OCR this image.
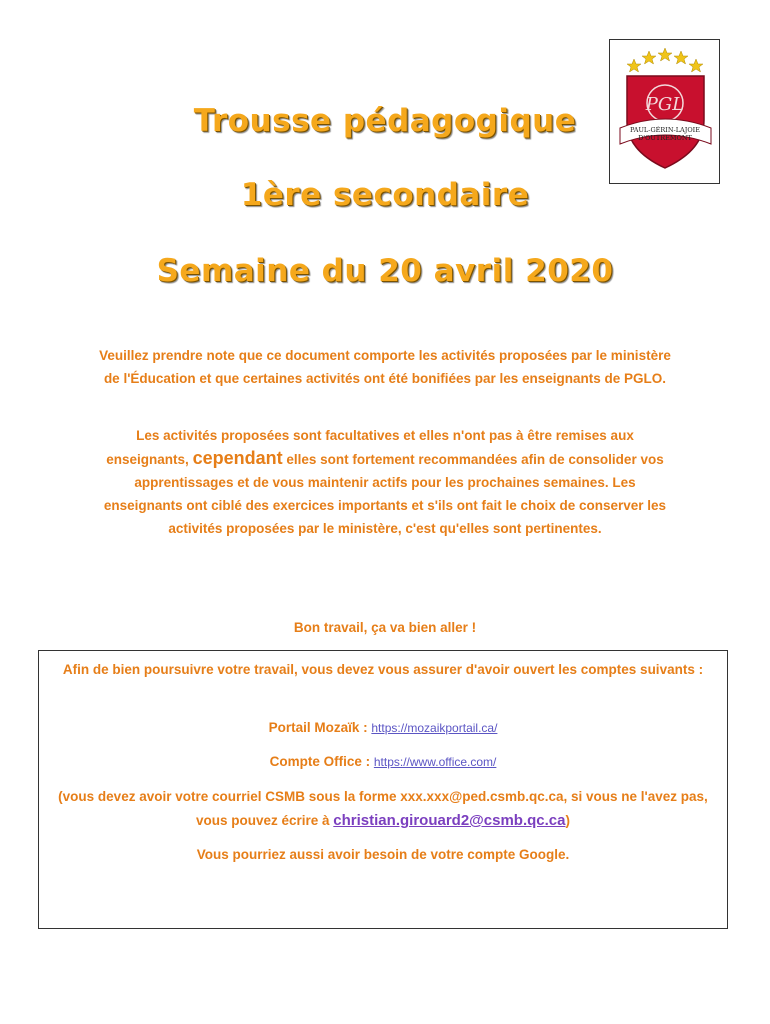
PGL
PAUL-GÉRIN-LAJOIE
D'OUTREMONT
Trousse pédagogique
1ère secondaire
Semaine du 20 avril 2020
Veuillez prendre note que ce document comporte les activités proposées par le ministère de l'Éducation et que certaines activités ont été bonifiées par les enseignants de PGLO.
Les activités proposées sont facultatives et elles n'ont pas à être remises aux enseignants, cependant elles sont fortement recommandées afin de consolider vos apprentissages et de vous maintenir actifs pour les prochaines semaines. Les enseignants ont ciblé des exercices importants et s'ils ont fait le choix de conserver les activités proposées par le ministère, c'est qu'elles sont pertinentes.
Bon travail, ça va bien aller !
Afin de bien poursuivre votre travail, vous devez vous assurer d'avoir ouvert les comptes suivants :
Portail Mozaïk : https://mozaikportail.ca/
Compte Office : https://www.office.com/
(vous devez avoir votre courriel CSMB sous la forme xxx.xxx@ped.csmb.qc.ca, si vous ne l'avez pas, vous pouvez écrire à christian.girouard2@csmb.qc.ca)
Vous pourriez aussi avoir besoin de votre compte Google.
